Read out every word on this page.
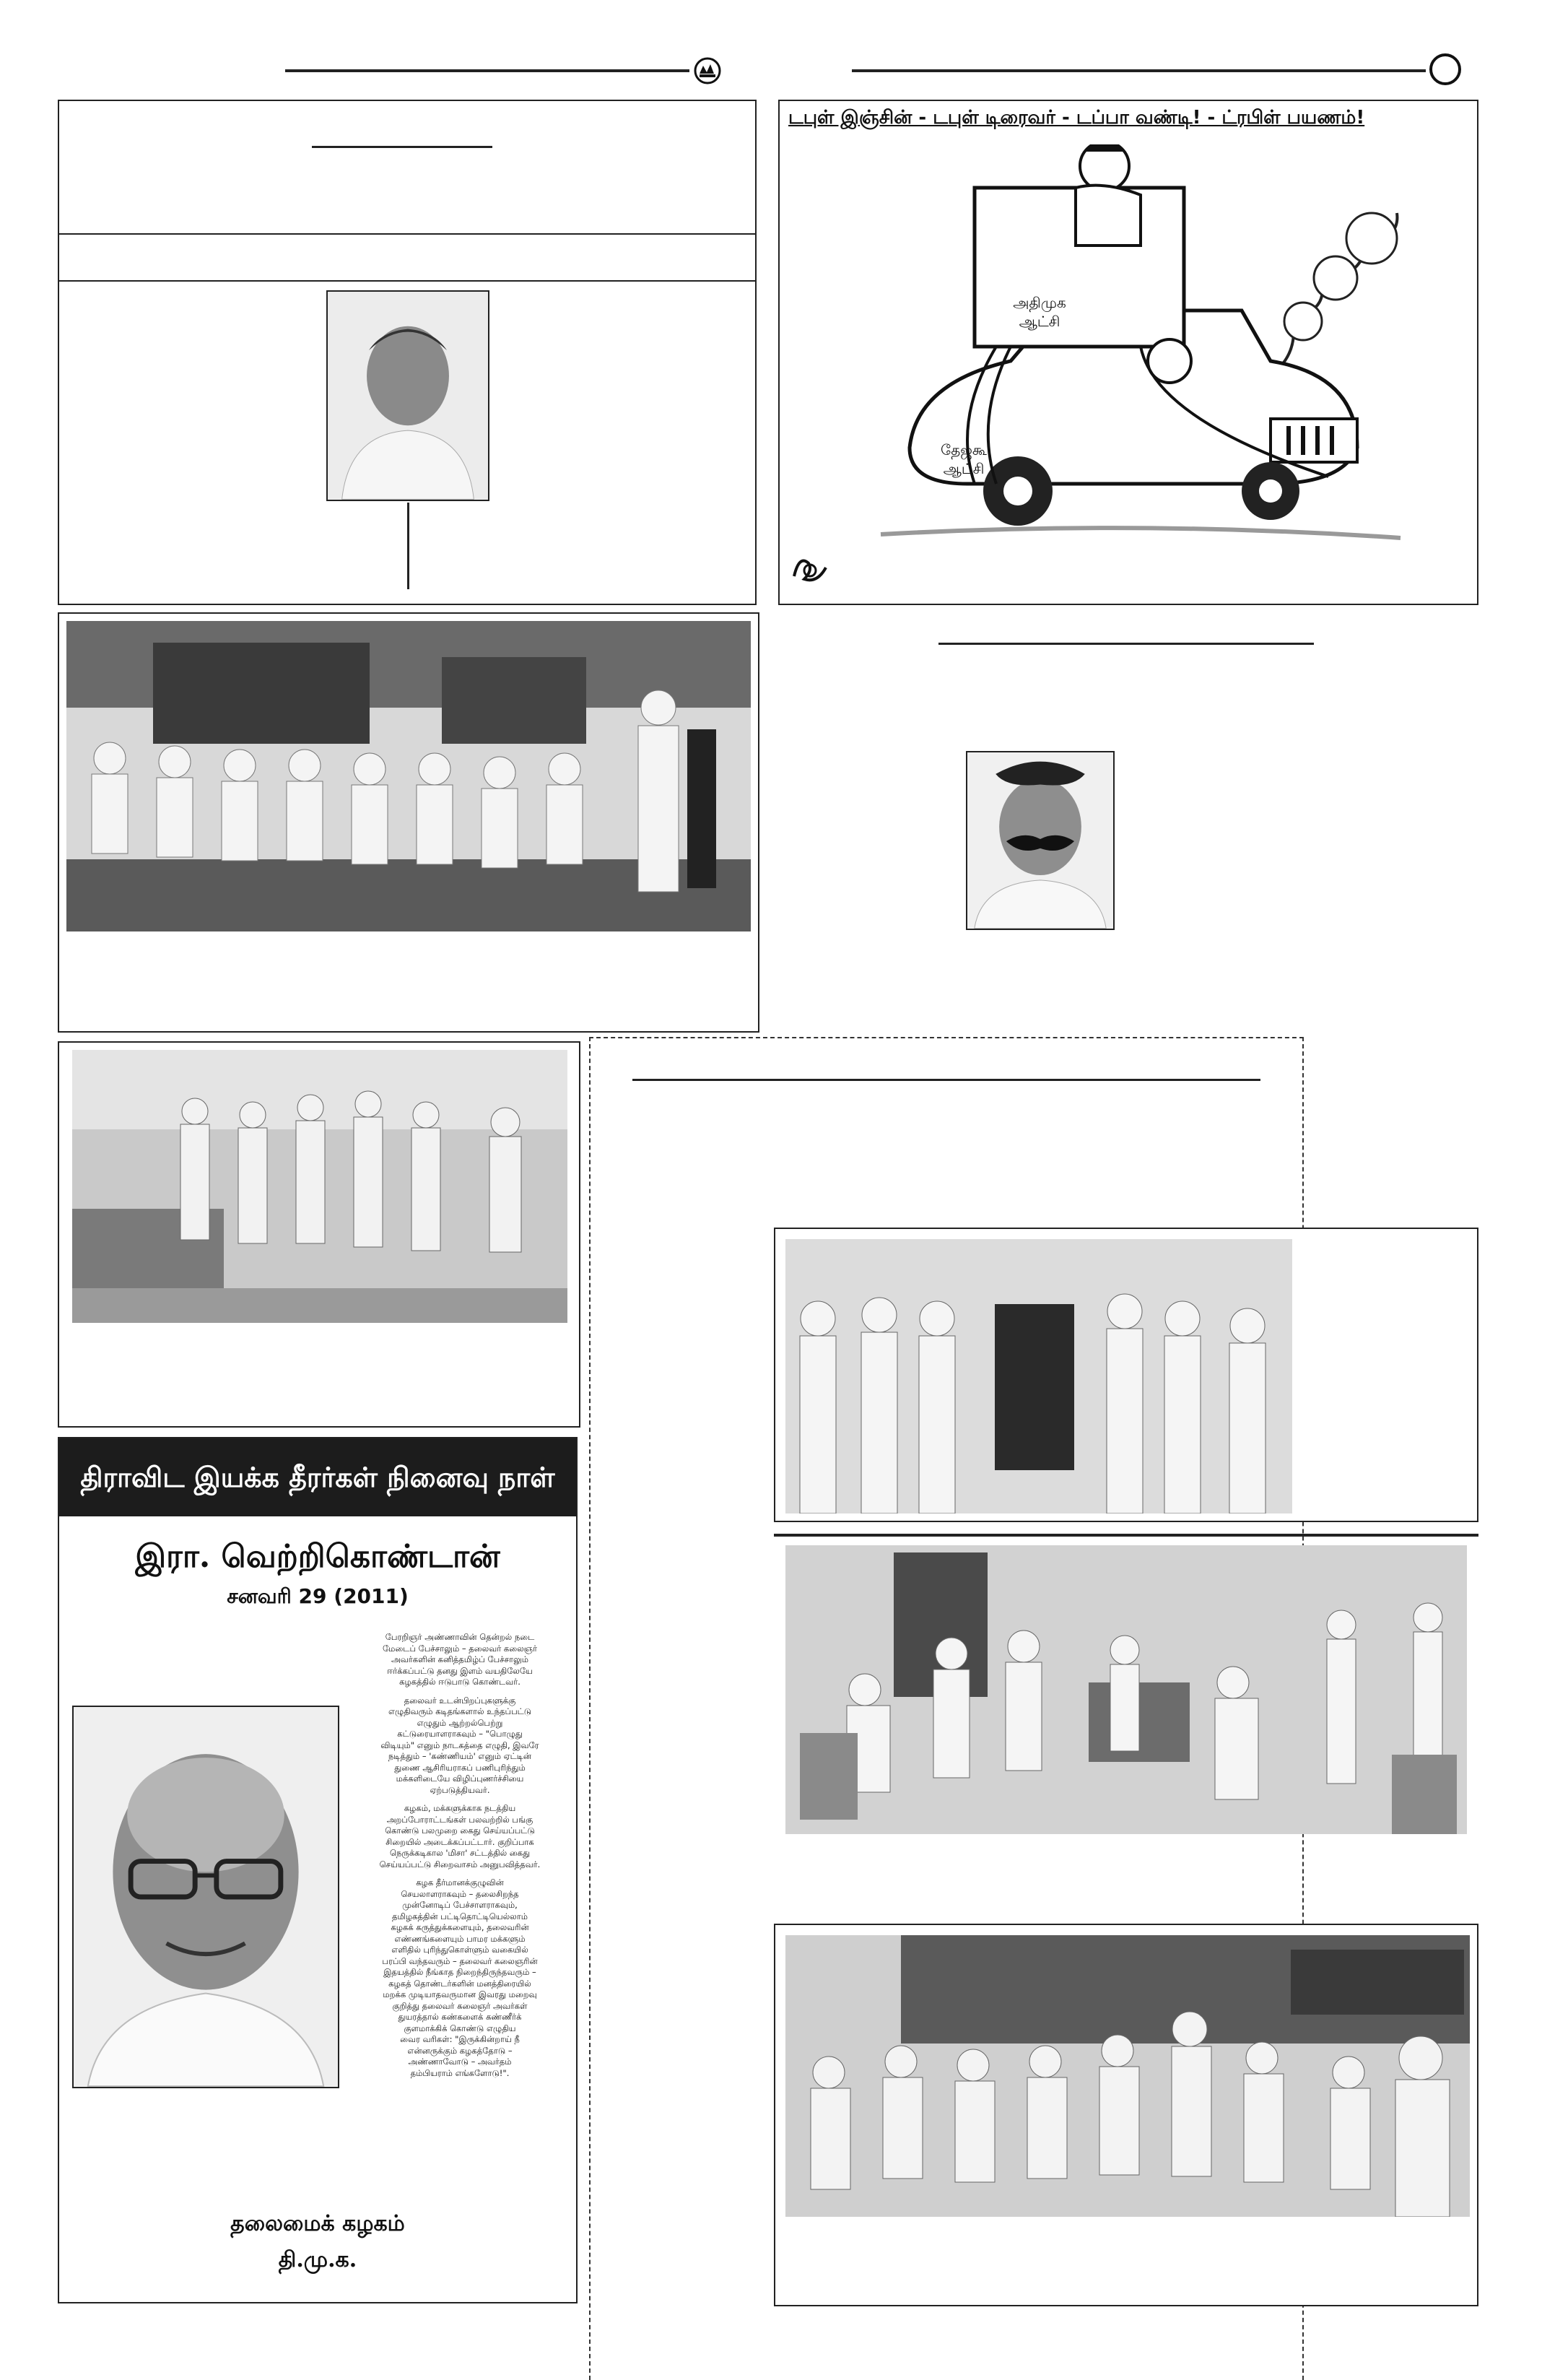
டபுள் இஞ்சின் - டபுள் டிரைவர் - டப்பா வண்டி! - ட்ரபிள் பயணம்!
அதிமுக
ஆட்சி
தேஜகூ
ஆட்சி
திராவிட இயக்க தீரர்கள் நினைவு நாள்
இரா. வெற்றிகொண்டான்
சனவரி 29 (2011)

பேரறிஞர் அண்ணாவின் தென்றல் நடை
மேடைப் பேச்சாலும் – தலைவர் கலைஞர்
அவர்களின் கனித்தமிழ்ப் பேச்சாலும்
ஈர்க்கப்பட்டு தனது இளம் வயதிலேயே
கழகத்தில் ஈடுபாடு கொண்டவர்.

தலைவர் உடன்பிறப்புகளுக்கு
எழுதிவரும் கடிதங்களால் உந்தப்பட்டு
எழுதும் ஆற்றல்பெற்று
கட்டுரையாளராகவும் – "பொழுது
விடியும்" எனும் நாடகத்தை எழுதி, இவரே
நடித்தும் – 'கண்ணியம்' எனும் ஏட்டின்
துணை ஆசிரியராகப் பணிபுரிந்தும்
மக்களிடையே விழிப்புணர்ச்சியை
ஏற்படுத்தியவர்.

கழகம், மக்களுக்காக நடத்திய
அறப்போராட்டங்கள் பலவற்றில் பங்கு
கொண்டு பலமுறை கைது செய்யப்பட்டு
சிறையில் அடைக்கப்பட்டார். குறிப்பாக
நெருக்கடிகால 'மிசா' சட்டத்தில் கைது
செய்யப்பட்டு சிறைவாசம் அனுபவித்தவர்.

கழக தீர்மானக்குழுவின்
செயலாளராகவும் – தலைசிறந்த
முன்னோடிப் பேச்சாளராகவும்,
தமிழகத்தின் பட்டிதொட்டியெல்லாம்
கழகக் கருத்துக்களையும், தலைவரின்
எண்ணங்களையும் பாமர மக்களும்
எளிதில் புரிந்துகொள்ளும் வகையில்
பரப்பி வந்தவரும் – தலைவர் கலைஞரின்
இதயத்தில் நீங்காத நிறைந்திருந்தவரும் –
கழகத் தொண்டர்களின் மனத்திரையில்
மறக்க முடியாதவருமான இவரது மறைவு
குறித்து தலைவர் கலைஞர் அவர்கள்
துயரத்தால் கண்களைக் கண்ணீர்க்
குளமாக்கிக் கொண்டு எழுதிய
வைர வரிகள்: "இருக்கின்றாய் நீ
என்னருக்கும் கழகத்தோடு –
அண்ணாவோடு – அவர்தம்
தம்பியராம் எங்களோடு!".

தலைமைக் கழகம்
தி.மு.க.
